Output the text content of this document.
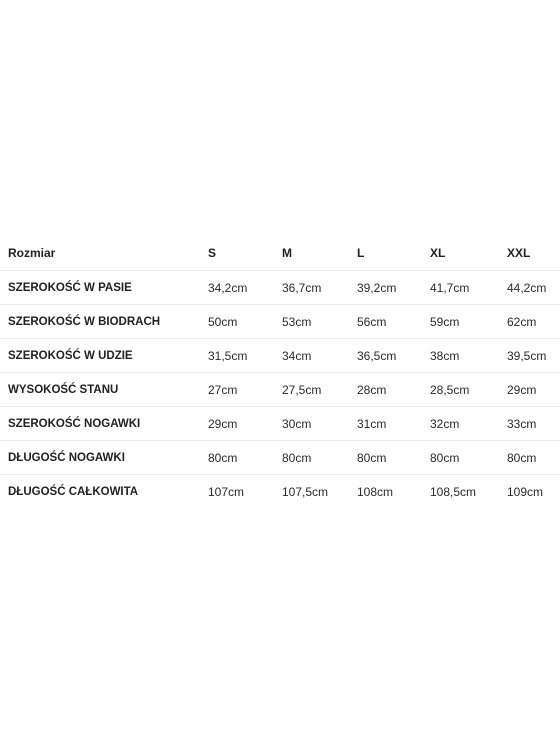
Rozmiar	S	M	L	XL	XXL
SZEROKOŚĆ W PASIE	34,2cm	36,7cm	39,2cm	41,7cm	44,2cm
SZEROKOŚĆ W BIODRACH	50cm	53cm	56cm	59cm	62cm
SZEROKOŚĆ W UDZIE	31,5cm	34cm	36,5cm	38cm	39,5cm
WYSOKOŚĆ STANU	27cm	27,5cm	28cm	28,5cm	29cm
SZEROKOŚĆ NOGAWKI	29cm	30cm	31cm	32cm	33cm
DŁUGOŚĆ NOGAWKI	80cm	80cm	80cm	80cm	80cm
DŁUGOŚĆ CAŁKOWITA	107cm	107,5cm	108cm	108,5cm	109cm
